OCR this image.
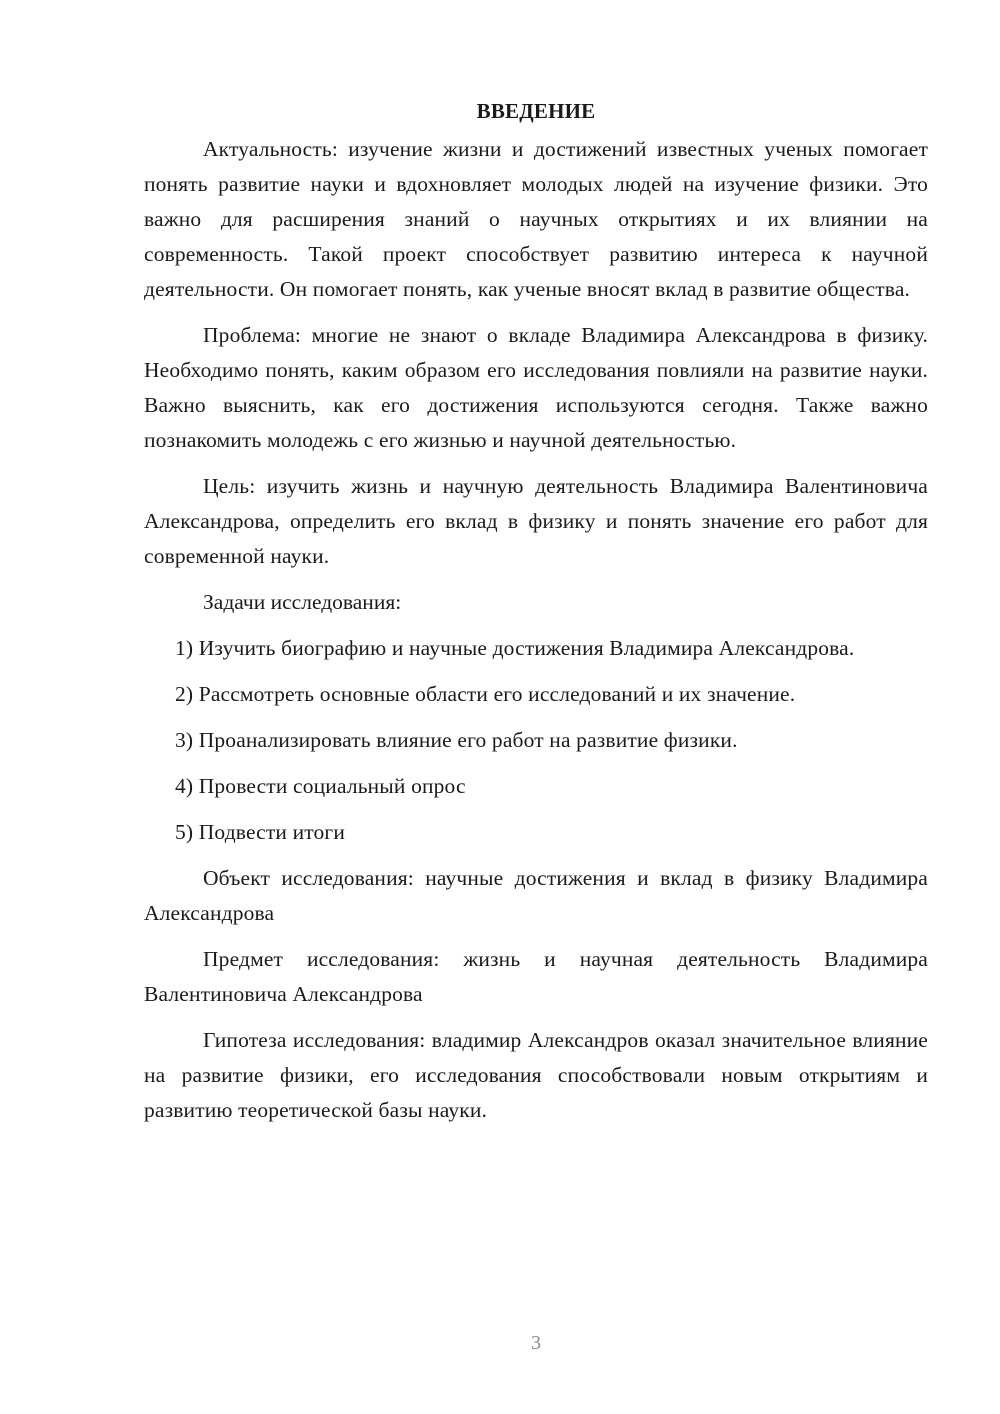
ВВЕДЕНИЕ

Актуальность: изучение жизни и достижений известных ученых помогает понять развитие науки и вдохновляет молодых людей на изучение физики. Это важно для расширения знаний о научных открытиях и их влиянии на современность. Такой проект способствует развитию интереса к научной деятельности. Он помогает понять, как ученые вносят вклад в развитие общества.

Проблема: многие не знают о вкладе Владимира Александрова в физику. Необходимо понять, каким образом его исследования повлияли на развитие науки. Важно выяснить, как его достижения используются сегодня. Также важно познакомить молодежь с его жизнью и научной деятельностью.

Цель: изучить жизнь и научную деятельность Владимира Валентиновича Александрова, определить его вклад в физику и понять значение его работ для современной науки.

Задачи исследования:

1) Изучить биографию и научные достижения Владимира Александрова.

2) Рассмотреть основные области его исследований и их значение.

3) Проанализировать влияние его работ на развитие физики.

4) Провести социальный опрос

5) Подвести итоги

Объект исследования: научные достижения и вклад в физику Владимира Александрова

Предмет исследования: жизнь и научная деятельность Владимира Валентиновича Александрова

Гипотеза исследования: владимир Александров оказал значительное влияние на развитие физики, его исследования способствовали новым открытиям и развитию теоретической базы науки.

3
